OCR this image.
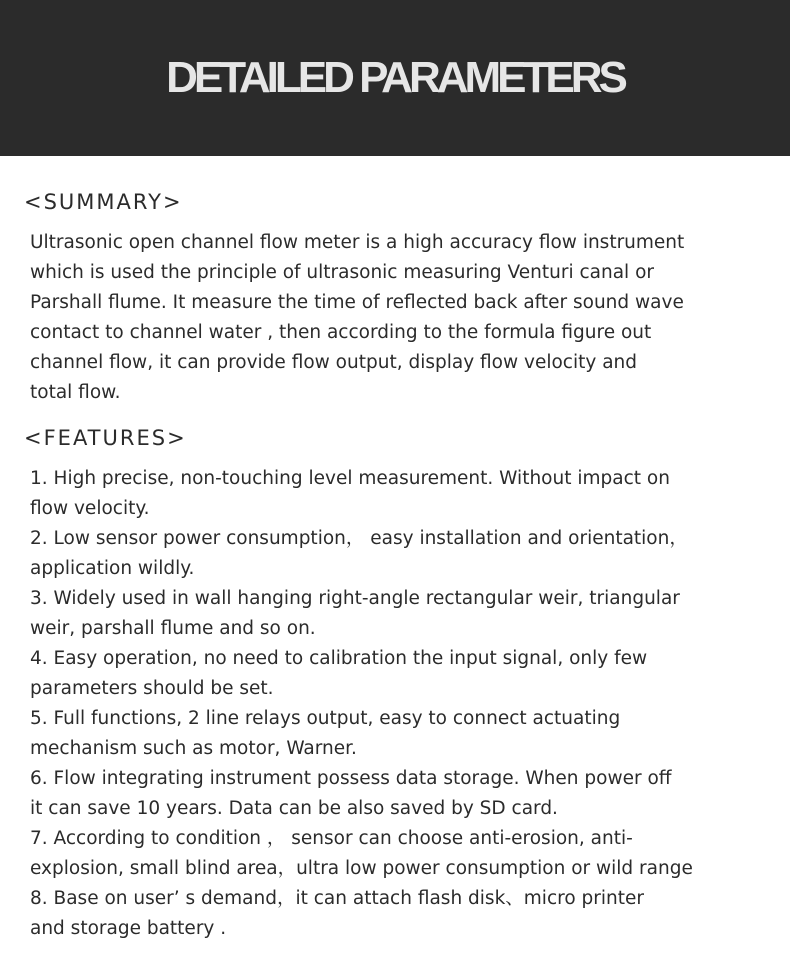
DETAILED PARAMETERS
<SUMMARY>
Ultrasonic open channel flow meter is a high accuracy flow instrument
which is used the principle of ultrasonic measuring Venturi canal or
Parshall flume. It measure the time of reflected back after sound wave
contact to channel water , then according to the formula figure out
channel flow, it can provide flow output, display flow velocity and
total flow.
<FEATURES>
1. High precise, non-touching level measurement. Without impact on
flow velocity.
2. Low sensor power consumption， easy installation and orientation，
application wildly.
3. Widely used in wall hanging right-angle rectangular weir, triangular
weir, parshall flume and so on.
4. Easy operation, no need to calibration the input signal, only few
parameters should be set.
5. Full functions, 2 line relays output, easy to connect actuating
mechanism such as motor, Warner.
6. Flow integrating instrument possess data storage. When power off
it can save 10 years. Data can be also saved by SD card.
7. According to condition ， sensor can choose anti-erosion, anti-
explosion, small blind area，ultra low power consumption or wild range
8. Base on user’ s demand，it can attach flash disk、micro printer
and storage battery .
